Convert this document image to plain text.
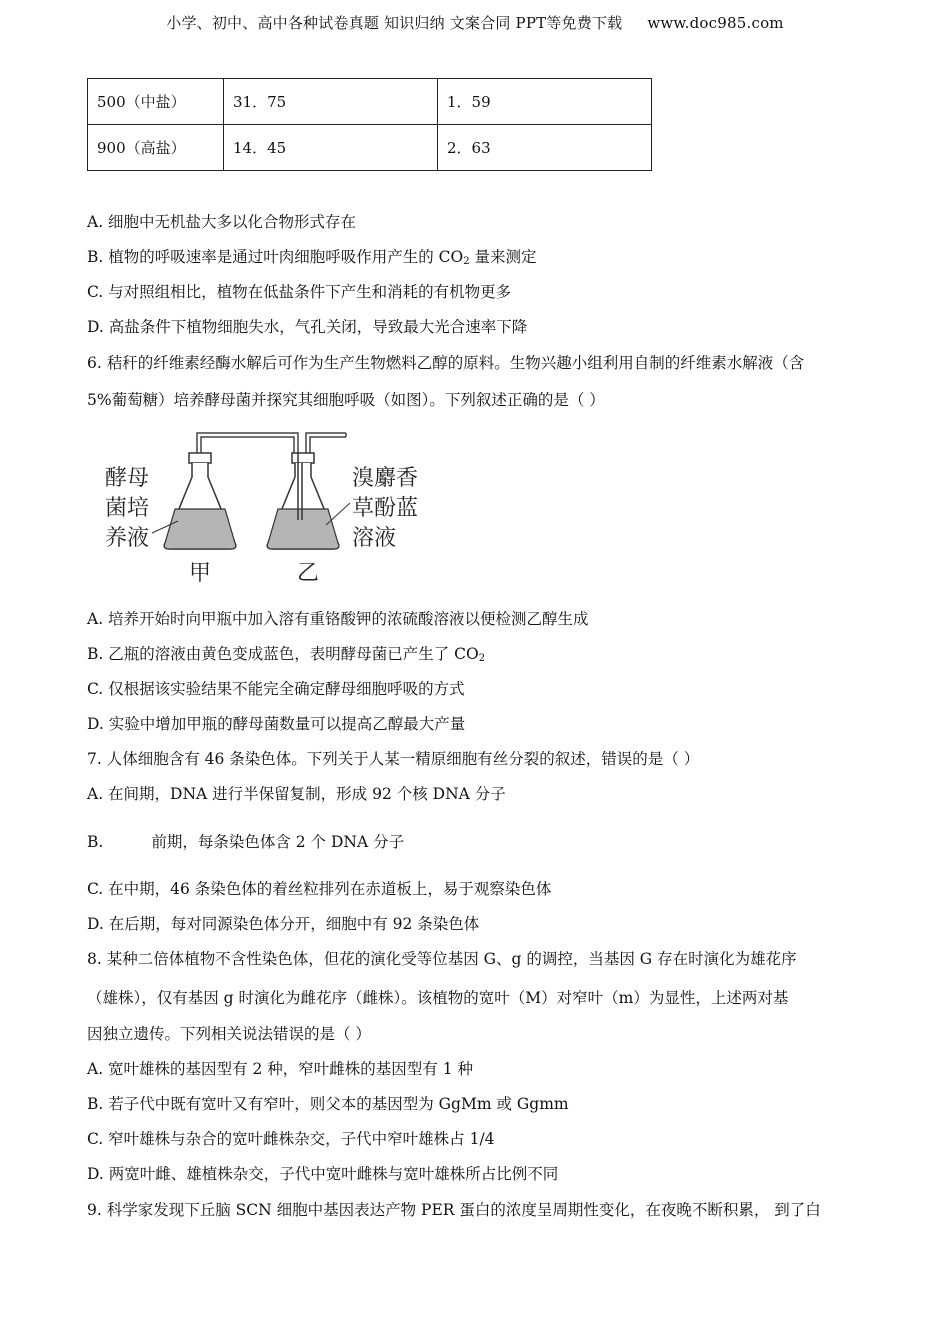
小学、初中、高中各种试卷真题 知识归纳 文案合同 PPT等免费下载 www.doc985.com
500（中盐）	31．75	1．59
900（高盐）	14．45	2．63
A. 细胞中无机盐大多以化合物形式存在
B. 植物的呼吸速率是通过叶肉细胞呼吸作用产生的 $CO_2$ 量来测定
C. 与对照组相比，植物在低盐条件下产生和消耗的有机物更多
D. 高盐条件下植物细胞失水，气孔关闭，导致最大光合速率下降
6. 秸秆的纤维素经酶水解后可作为生产生物燃料乙醇的原料。生物兴趣小组利用自制的纤维素水解液（含
5%葡萄糖）培养酵母菌并探究其细胞呼吸（如图）。下列叙述正确的是（ ）
酵母
菌培
养液
溴麝香
草酚蓝
溶液
甲	乙
A. 培养开始时向甲瓶中加入溶有重铬酸钾的浓硫酸溶液以便检测乙醇生成
B. 乙瓶的溶液由黄色变成蓝色，表明酵母菌已产生了 $CO_2$
C. 仅根据该实验结果不能完全确定酵母细胞呼吸的方式
D. 实验中增加甲瓶的酵母菌数量可以提高乙醇最大产量
7. 人体细胞含有 46 条染色体。下列关于人某一精原细胞有丝分裂的叙述，错误的是（ ）
A. 在间期，DNA 进行半保留复制，形成 92 个核 DNA 分子
B.	前期，每条染色体含 2 个 DNA 分子
C. 在中期，46 条染色体的着丝粒排列在赤道板上，易于观察染色体
D. 在后期，每对同源染色体分开，细胞中有 92 条染色体
8. 某种二倍体植物不含性染色体，但花的演化受等位基因 G、g 的调控，当基因 G 存在时演化为雄花序
（雄株），仅有基因 g 时演化为雌花序（雌株）。该植物的宽叶（M）对窄叶（m）为显性，上述两对基
因独立遗传。下列相关说法错误的是（ ）
A. 宽叶雄株的基因型有 2 种，窄叶雌株的基因型有 1 种
B. 若子代中既有宽叶又有窄叶，则父本的基因型为 GgMm 或 Ggmm
C. 窄叶雄株与杂合的宽叶雌株杂交，子代中窄叶雄株占 1/4
D. 两宽叶雌、雄植株杂交，子代中宽叶雌株与宽叶雄株所占比例不同
9. 科学家发现下丘脑 SCN 细胞中基因表达产物 PER 蛋白的浓度呈周期性变化，在夜晚不断积累， 到了白
